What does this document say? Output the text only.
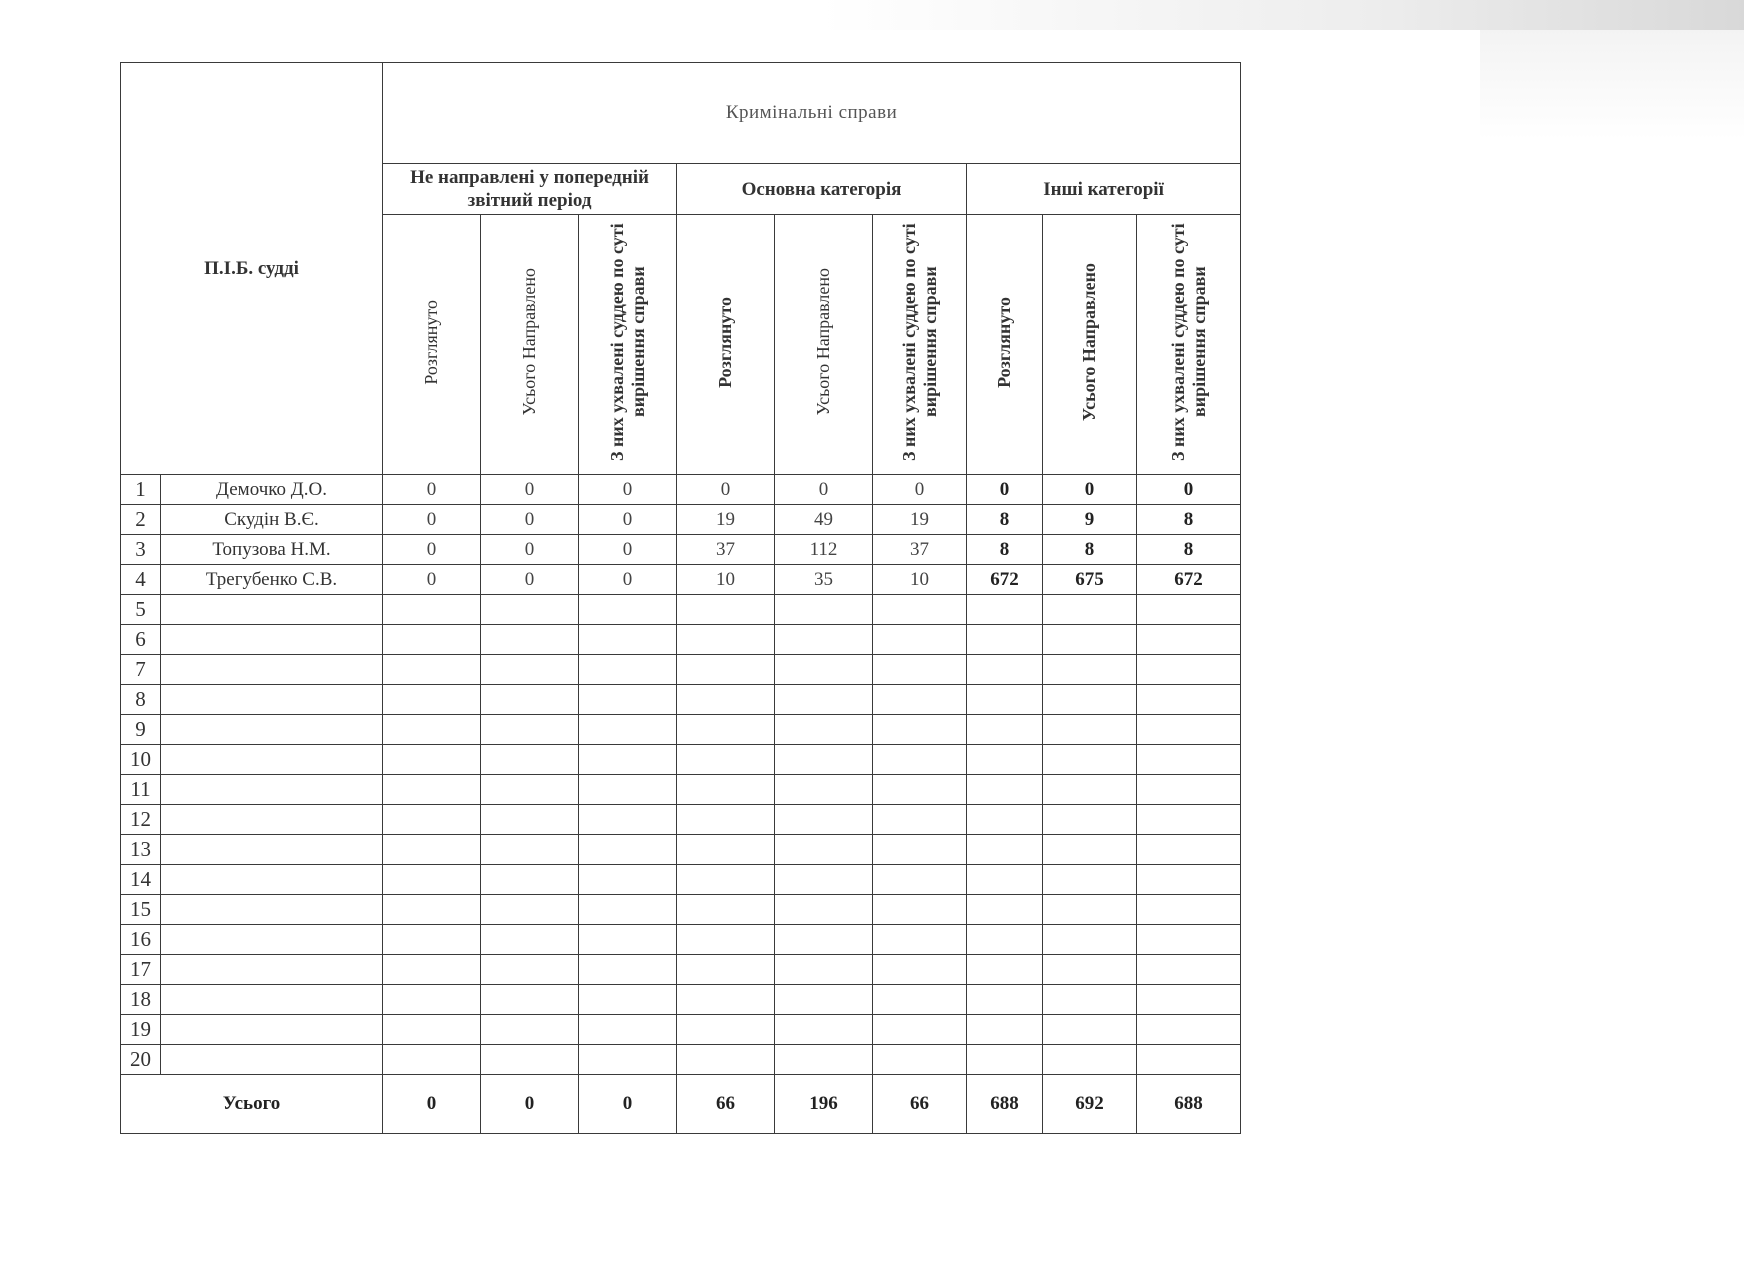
П.І.Б. судді		Кримінальні справи								
		Не направлені у попередній звітний період			Основна категорія			Інші категорії		
		Розглянуто	Усього Направлено	З них ухвалені суддею по суті вирішення справи	Розглянуто	Усього Направлено	З них ухвалені суддею по суті вирішення справи	Розглянуто	Усього Направлено	З них ухвалені суддею по суті вирішення справи
1	Демочко Д.О.	0	0	0	0	0	0	0	0	0
2	Скудін В.Є.	0	0	0	19	49	19	8	9	8
3	Топузова Н.М.	0	0	0	37	112	37	8	8	8
4	Трегубенко С.В.	0	0	0	10	35	10	672	675	672
5										
6										
7										
8										
9										
10										
11										
12										
13										
14										
15										
16										
17										
18										
19										
20										
Усього		0	0	0	66	196	66	688	692	688
